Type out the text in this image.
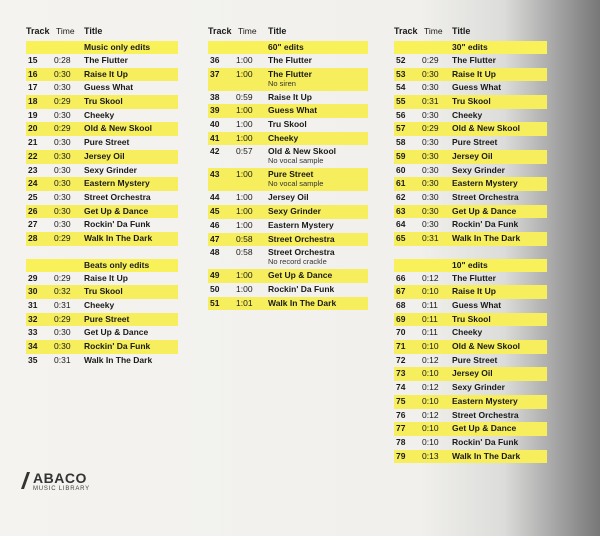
Track Time Title
Music only edits
15 0:28 The Flutter
16 0:30 Raise It Up
17 0:30 Guess What
18 0:29 Tru Skool
19 0:30 Cheeky
20 0:29 Old & New Skool
21 0:30 Pure Street
22 0:30 Jersey Oil
23 0:30 Sexy Grinder
24 0:30 Eastern Mystery
25 0:30 Street Orchestra
26 0:30 Get Up & Dance
27 0:30 Rockin' Da Funk
28 0:29 Walk In The Dark
Beats only edits
29 0:29 Raise It Up
30 0:32 Tru Skool
31 0:31 Cheeky
32 0:29 Pure Street
33 0:30 Get Up & Dance
34 0:30 Rockin' Da Funk
35 0:31 Walk In The Dark
Track Time Title
60" edits
36 1:00 The Flutter
37 1:00 The Flutter
No siren
38 0:59 Raise It Up
39 1:00 Guess What
40 1:00 Tru Skool
41 1:00 Cheeky
42 0:57 Old & New Skool
No vocal sample
43 1:00 Pure Street
No vocal sample
44 1:00 Jersey Oil
45 1:00 Sexy Grinder
46 1:00 Eastern Mystery
47 0:58 Street Orchestra
48 0:58 Street Orchestra
No record crackle
49 1:00 Get Up & Dance
50 1:00 Rockin' Da Funk
51 1:01 Walk In The Dark
Track Time Title
30" edits
52 0:29 The Flutter
53 0:30 Raise It Up
54 0:30 Guess What
55 0:31 Tru Skool
56 0:30 Cheeky
57 0:29 Old & New Skool
58 0:30 Pure Street
59 0:30 Jersey Oil
60 0:30 Sexy Grinder
61 0:30 Eastern Mystery
62 0:30 Street Orchestra
63 0:30 Get Up & Dance
64 0:30 Rockin' Da Funk
65 0:31 Walk In The Dark
10" edits
66 0:12 The Flutter
67 0:10 Raise It Up
68 0:11 Guess What
69 0:11 Tru Skool
70 0:11 Cheeky
71 0:10 Old & New Skool
72 0:12 Pure Street
73 0:10 Jersey Oil
74 0:12 Sexy Grinder
75 0:10 Eastern Mystery
76 0:12 Street Orchestra
77 0:10 Get Up & Dance
78 0:10 Rockin' Da Funk
79 0:13 Walk In The Dark
ABACO
MUSIC LIBRARY
